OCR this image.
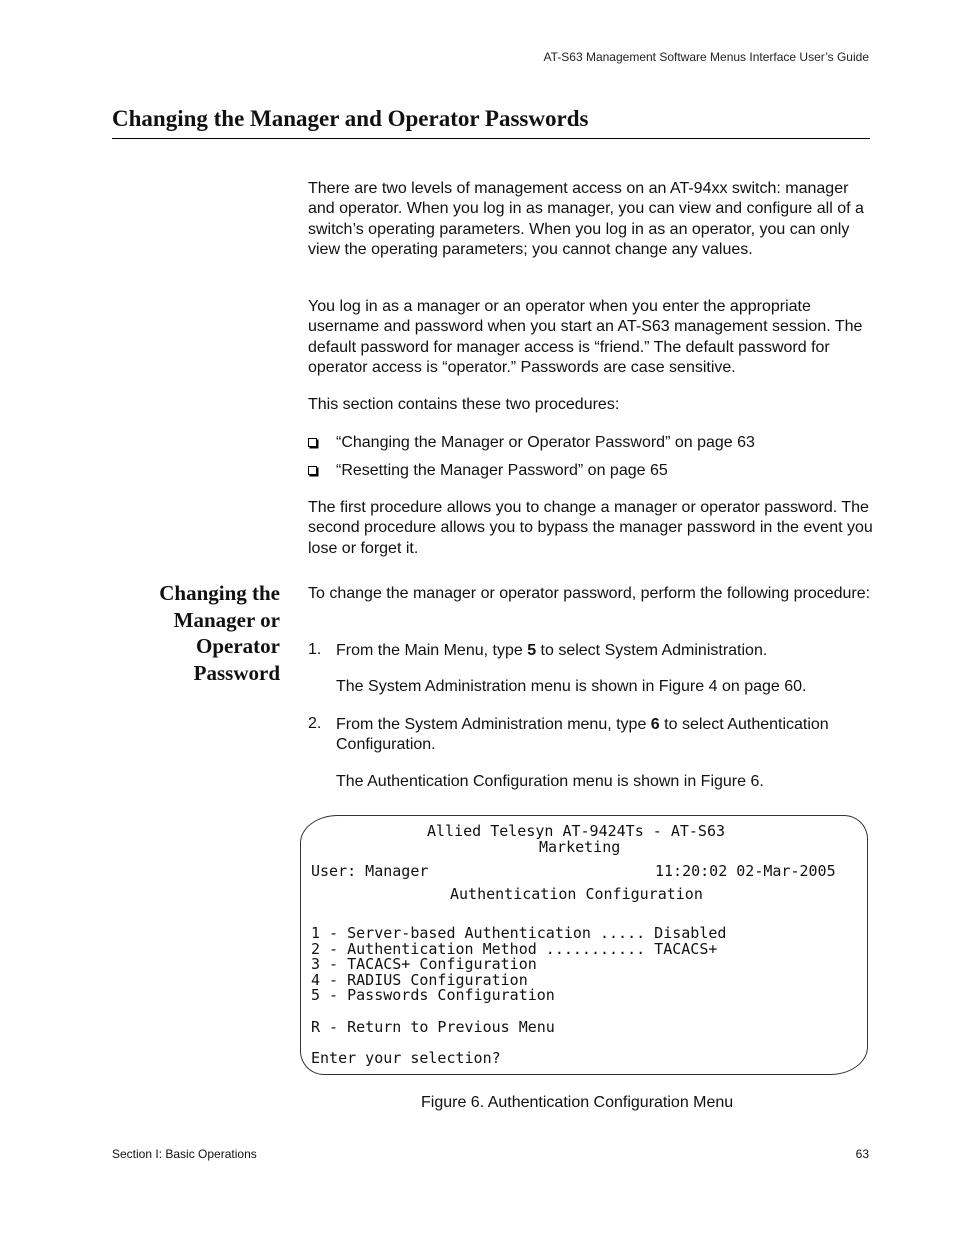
AT-S63 Management Software Menus Interface User’s Guide
Changing the Manager and Operator Passwords

There are two levels of management access on an AT-94xx switch: manager and operator. When you log in as manager, you can view and configure all of a switch’s operating parameters. When you log in as an operator, you can only view the operating parameters; you cannot change any values.

You log in as a manager or an operator when you enter the appropriate username and password when you start an AT-S63 management session. The default password for manager access is “friend.” The default password for operator access is “operator.” Passwords are case sensitive.

This section contains these two procedures:

“Changing the Manager or Operator Password” on page 63
“Resetting the Manager Password” on page 65

The first procedure allows you to change a manager or operator password. The second procedure allows you to bypass the manager password in the event you lose or forget it.

Changing the
Manager or
Operator
Password

To change the manager or operator password, perform the following procedure:

1. From the Main Menu, type 5 to select System Administration.
The System Administration menu is shown in Figure 4 on page 60.
2. From the System Administration menu, type 6 to select Authentication Configuration.
The Authentication Configuration menu is shown in Figure 6.
Allied Telesyn AT-9424Ts - AT-S63
Marketing
User: Manager	11:20:02 02-Mar-2005
Authentication Configuration
1 - Server-based Authentication ..... Disabled
2 - Authentication Method ........... TACACS+
3 - TACACS+ Configuration
4 - RADIUS Configuration
5 - Passwords Configuration
R - Return to Previous Menu
Enter your selection?
Figure 6. Authentication Configuration Menu
Section I: Basic Operations	63
